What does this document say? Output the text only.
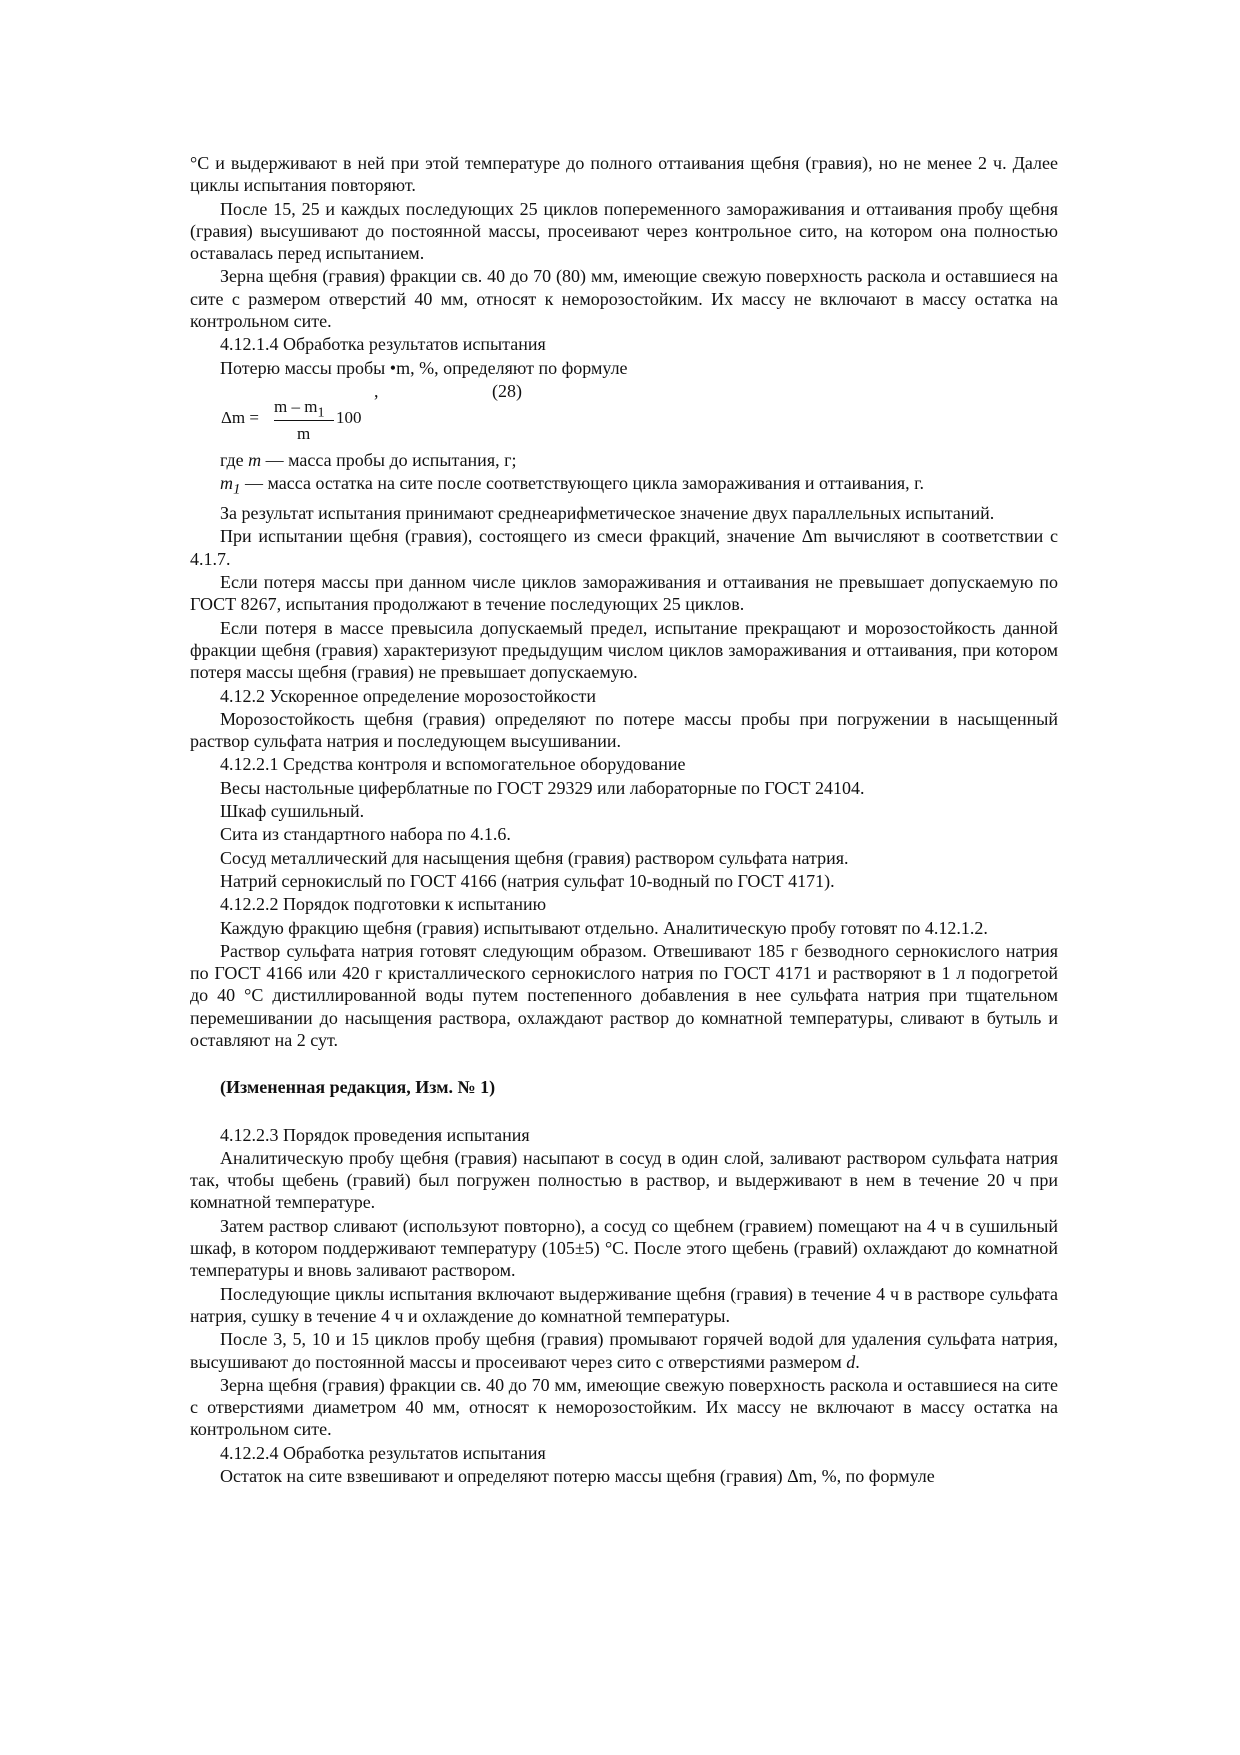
°С и выдерживают в ней при этой температуре до полного оттаивания щебня (гравия), но не менее 2 ч. Далее циклы испытания повторяют.

После 15, 25 и каждых последующих 25 циклов попеременного замораживания и оттаивания пробу щебня (гравия) высушивают до постоянной массы, просеивают через контрольное сито, на котором она полностью оставалась перед испытанием.

Зерна щебня (гравия) фракции св. 40 до 70 (80) мм, имеющие свежую поверхность раскола и оставшиеся на сите с размером отверстий 40 мм, относят к неморозостойким. Их массу не включают в массу остатка на контрольном сите.

4.12.1.4 Обработка результатов испытания

Потерю массы пробы •m, %, определяют по формуле

,	(28)
Δm =
m – $m_1$
m
100

где m — масса пробы до испытания, г;

$m_1$ — масса остатка на сите после соответствующего цикла замораживания и оттаивания, г.

За результат испытания принимают среднеарифметическое значение двух параллельных испытаний.

При испытании щебня (гравия), состоящего из смеси фракций, значение Δm вычисляют в соответствии с 4.1.7.

Если потеря массы при данном числе циклов замораживания и оттаивания не превышает допускаемую по ГОСТ 8267, испытания продолжают в течение последующих 25 циклов.

Если потеря в массе превысила допускаемый предел, испытание прекращают и морозостойкость данной фракции щебня (гравия) характеризуют предыдущим числом циклов замораживания и оттаивания, при котором потеря массы щебня (гравия) не превышает допускаемую.

4.12.2 Ускоренное определение морозостойкости

Морозостойкость щебня (гравия) определяют по потере массы пробы при погружении в насыщенный раствор сульфата натрия и последующем высушивании.

4.12.2.1 Средства контроля и вспомогательное оборудование

Весы настольные циферблатные по ГОСТ 29329 или лабораторные по ГОСТ 24104.

Шкаф сушильный.

Сита из стандартного набора по 4.1.6.

Сосуд металлический для насыщения щебня (гравия) раствором сульфата натрия.

Натрий сернокислый по ГОСТ 4166 (натрия сульфат 10-водный по ГОСТ 4171).

4.12.2.2 Порядок подготовки к испытанию

Каждую фракцию щебня (гравия) испытывают отдельно. Аналитическую пробу готовят по 4.12.1.2.

Раствор сульфата натрия готовят следующим образом. Отвешивают 185 г безводного сернокислого натрия по ГОСТ 4166 или 420 г кристаллического сернокислого натрия по ГОСТ 4171 и растворяют в 1 л подогретой до 40 °С дистиллированной воды путем постепенного добавления в нее сульфата натрия при тщательном перемешивании до насыщения раствора, охлаждают раствор до комнатной температуры, сливают в бутыль и оставляют на 2 сут.

(Измененная редакция, Изм. № 1)

4.12.2.3 Порядок проведения испытания

Аналитическую пробу щебня (гравия) насыпают в сосуд в один слой, заливают раствором сульфата натрия так, чтобы щебень (гравий) был погружен полностью в раствор, и выдерживают в нем в течение 20 ч при комнатной температуре.

Затем раствор сливают (используют повторно), а сосуд со щебнем (гравием) помещают на 4 ч в сушильный шкаф, в котором поддерживают температуру (105±5) °С. После этого щебень (гравий) охлаждают до комнатной температуры и вновь заливают раствором.

Последующие циклы испытания включают выдерживание щебня (гравия) в течение 4 ч в растворе сульфата натрия, сушку в течение 4 ч и охлаждение до комнатной температуры.

После 3, 5, 10 и 15 циклов пробу щебня (гравия) промывают горячей водой для удаления сульфата натрия, высушивают до постоянной массы и просеивают через сито с отверстиями размером d.

Зерна щебня (гравия) фракции св. 40 до 70 мм, имеющие свежую поверхность раскола и оставшиеся на сите с отверстиями диаметром 40 мм, относят к неморозостойким. Их массу не включают в массу остатка на контрольном сите.

4.12.2.4 Обработка результатов испытания

Остаток на сите взвешивают и определяют потерю массы щебня (гравия) Δm, %, по формуле
